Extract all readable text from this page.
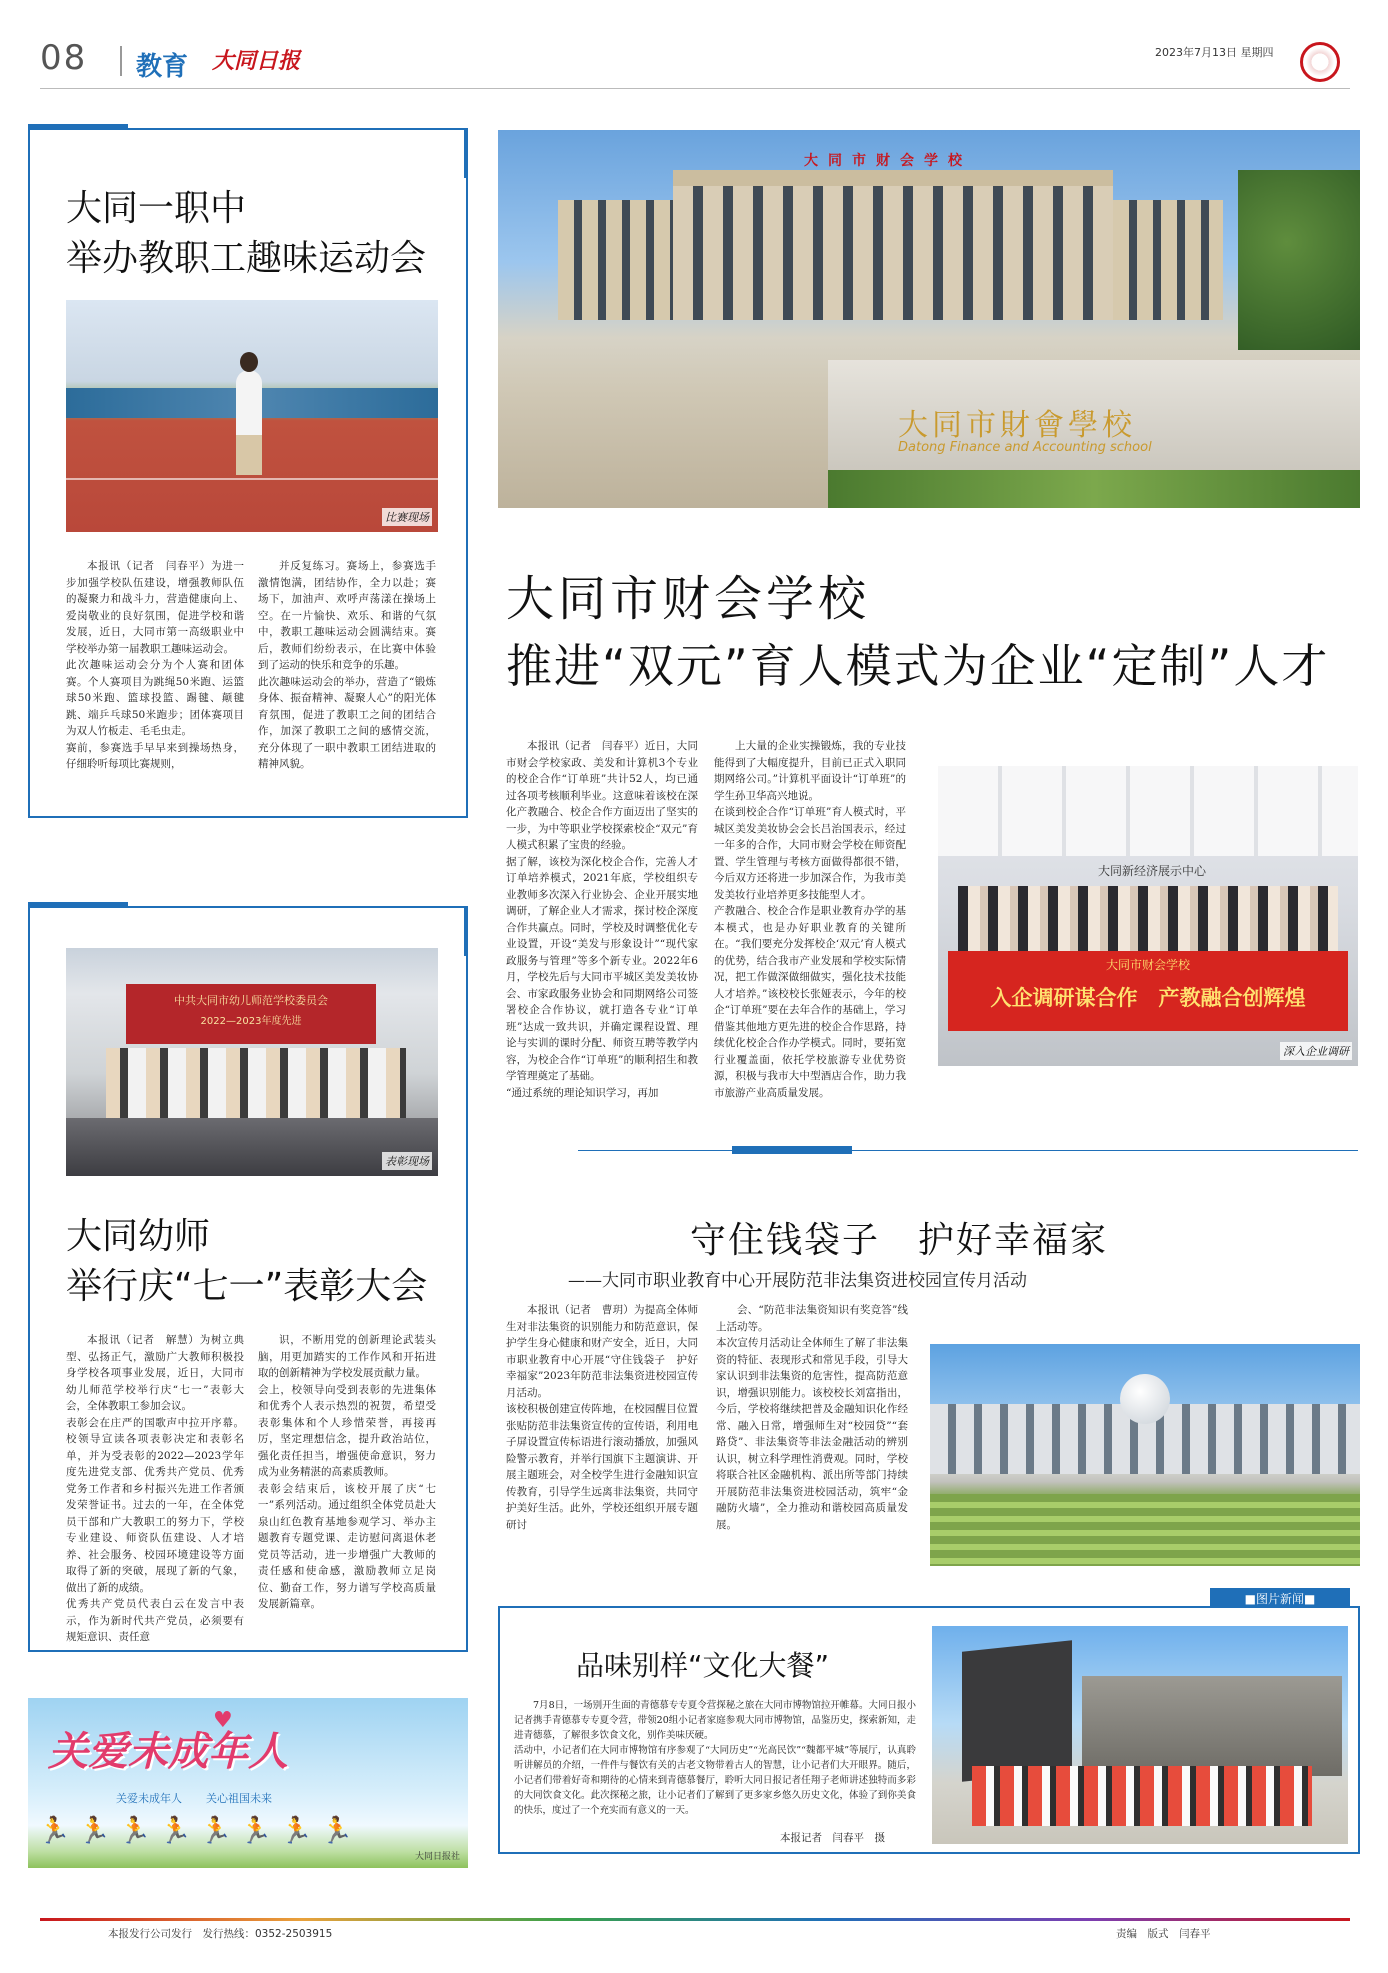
08 教育 大同日报	2023年7月13日 星期四
大同一职中
举办教职工趣味运动会
比赛现场
本报讯（记者　闫春平）为进一步加强学校队伍建设，增强教师队伍的凝聚力和战斗力，营造健康向上、爱岗敬业的良好氛围，促进学校和谐发展，近日，大同市第一高级职业中学校举办第一届教职工趣味运动会。
此次趣味运动会分为个人赛和团体赛。个人赛项目为跳绳50米跑、运篮球50米跑、篮球投篮、踢毽、颠毽跳、端乒乓球50米跑步；团体赛项目为双人竹板走、毛毛虫走。
赛前，参赛选手早早来到操场热身，仔细聆听每项比赛规则，
并反复练习。赛场上，参赛选手激情饱满，团结协作，全力以赴；赛场下，加油声、欢呼声荡漾在操场上空。在一片愉快、欢乐、和谐的气氛中，教职工趣味运动会圆满结束。赛后，教师们纷纷表示，在比赛中体验到了运动的快乐和竞争的乐趣。
此次趣味运动会的举办，营造了“锻炼身体、振奋精神、凝聚人心”的阳光体育氛围，促进了教职工之间的团结合作，加深了教职工之间的感情交流，充分体现了一职中教职工团结进取的精神风貌。
中共大同市幼儿师范学校委员会
2022—2023年度先进
表彰现场
大同幼师
举行庆“七一”表彰大会
本报讯（记者　解慧）为树立典型、弘扬正气，激励广大教师积极投身学校各项事业发展，近日，大同市幼儿师范学校举行庆“七一”表彰大会，全体教职工参加会议。
表彰会在庄严的国歌声中拉开序幕。校领导宣读各项表彰决定和表彰名单，并为受表彰的2022—2023学年度先进党支部、优秀共产党员、优秀党务工作者和乡村振兴先进工作者颁发荣誉证书。过去的一年，在全体党员干部和广大教职工的努力下，学校专业建设、师资队伍建设、人才培养、社会服务、校园环境建设等方面取得了新的突破，展现了新的气象，做出了新的成绩。
优秀共产党员代表白云在发言中表示，作为新时代共产党员，必须要有规矩意识、责任意
识，不断用党的创新理论武装头脑，用更加踏实的工作作风和开拓进取的创新精神为学校发展贡献力量。
会上，校领导向受到表彰的先进集体和优秀个人表示热烈的祝贺，希望受表彰集体和个人珍惜荣誉，再接再厉，坚定理想信念，提升政治站位，强化责任担当，增强使命意识，努力成为业务精湛的高素质教师。
表彰会结束后，该校开展了庆“七一”系列活动。通过组织全体党员赴大泉山红色教育基地参观学习、举办主题教育专题党课、走访慰问离退休老党员等活动，进一步增强广大教师的责任感和使命感，激励教师立足岗位、勤奋工作，努力谱写学校高质量发展新篇章。
关爱未成年人
♥
关爱未成年人 关心祖国未来
🏃🏃🏃🏃🏃🏃🏃🏃
大同日报社
大同市财会学校
大同市財會學校
Datong Finance and Accounting school
大同市财会学校
推进“双元”育人模式为企业“定制”人才
本报讯（记者　闫春平）近日，大同市财会学校家政、美发和计算机3个专业的校企合作“订单班”共计52人，均已通过各项考核顺利毕业。这意味着该校在深化产教融合、校企合作方面迈出了坚实的一步，为中等职业学校探索校企“双元”育人模式积累了宝贵的经验。
据了解，该校为深化校企合作，完善人才订单培养模式，2021年底，学校组织专业教师多次深入行业协会、企业开展实地调研，了解企业人才需求，探讨校企深度合作共赢点。同时，学校及时调整优化专业设置，开设“美发与形象设计”“现代家政服务与管理”等多个新专业。2022年6月，学校先后与大同市平城区美发美妆协会、市家政服务业协会和同期网络公司签署校企合作协议，就打造各专业“订单班”达成一致共识，并确定课程设置、理论与实训的课时分配、师资互聘等教学内容，为校企合作“订单班”的顺利招生和教学管理奠定了基础。
“通过系统的理论知识学习，再加
上大量的企业实操锻炼，我的专业技能得到了大幅度提升，目前已正式入职同期网络公司。”计算机平面设计“订单班”的学生孙卫华高兴地说。
在谈到校企合作“订单班”育人模式时，平城区美发美妆协会会长吕治国表示，经过一年多的合作，大同市财会学校在师资配置、学生管理与考核方面做得都很不错，今后双方还将进一步加深合作，为我市美发美妆行业培养更多技能型人才。
产教融合、校企合作是职业教育办学的基本模式，也是办好职业教育的关键所在。“我们要充分发挥校企‘双元’育人模式的优势，结合我市产业发展和学校实际情况，把工作做深做细做实，强化技术技能人才培养。”该校校长张娅表示，今年的校企“订单班”要在去年合作的基础上，学习借鉴其他地方更先进的校企合作思路，持续优化校企合作办学模式。同时，要拓宽行业覆盖面，依托学校旅游专业优势资源，积极与我市大中型酒店合作，助力我市旅游产业高质量发展。
大同新经济展示中心
大同市财会学校
入企调研谋合作　产教融合创辉煌
深入企业调研
守住钱袋子　护好幸福家
——大同市职业教育中心开展防范非法集资进校园宣传月活动
本报讯（记者　曹玥）为提高全体师生对非法集资的识别能力和防范意识，保护学生身心健康和财产安全，近日，大同市职业教育中心开展“守住钱袋子　护好幸福家”2023年防范非法集资进校园宣传月活动。
该校积极创建宣传阵地，在校园醒目位置张贴防范非法集资宣传的宣传语，利用电子屏设置宣传标语进行滚动播放，加强风险警示教育，并举行国旗下主题演讲、开展主题班会，对全校学生进行金融知识宣传教育，引导学生远离非法集资，共同守护美好生活。此外，学校还组织开展专题研讨
会、“防范非法集资知识有奖竞答”线上活动等。
本次宣传月活动让全体师生了解了非法集资的特征、表现形式和常见手段，引导大家认识到非法集资的危害性，提高防范意识，增强识别能力。该校校长刘富指出，今后，学校将继续把普及金融知识化作经常、融入日常，增强师生对“校园贷”“套路贷”、非法集资等非法金融活动的辨别认识，树立科学理性消费观。同时，学校将联合社区金融机构、派出所等部门持续开展防范非法集资进校园活动，筑牢“金融防火墙”，全力推动和谐校园高质量发展。
■图片新闻■
品味别样“文化大餐”
7月8日，一场别开生面的青德慕专专夏令营探秘之旅在大同市博物馆拉开帷幕。大同日报小记者携手青德慕专专夏令营，带领20组小记者家庭参观大同市博物馆，品鉴历史，探索新知，走进青德慕，了解很多饮食文化，别作美味厌硬。
活动中，小记者们在大同市博物馆有序参观了“大同历史”“光高民饮”“魏都平城”等展厅，认真聆听讲解员的介绍，一件件与餐饮有关的古老文物带着古人的智慧，让小记者们大开眼界。随后，小记者们带着好奇和期待的心情来到青德慕餐厅，聆听大同日报记者任翔子老师讲述独特而多彩的大同饮食文化。此次探秘之旅，让小记者们了解到了更多家乡悠久历史文化，体验了到你美食的快乐，度过了一个充实而有意义的一天。
本报记者　闫春平　摄
本报发行公司发行　发行热线：0352-2503915	责编　版式　闫春平
